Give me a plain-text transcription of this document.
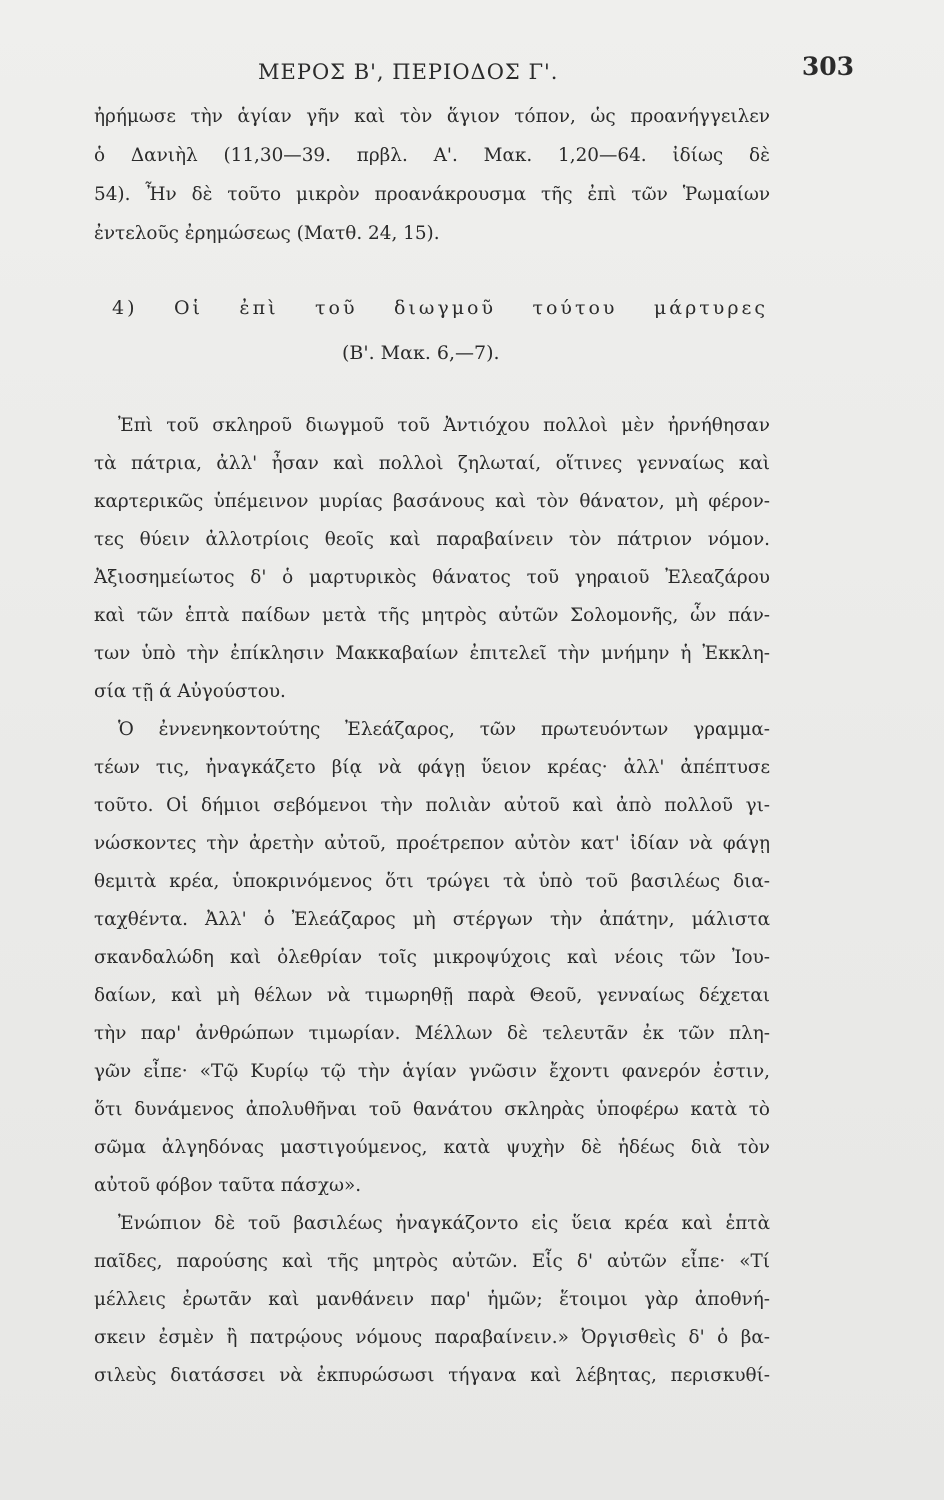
ΜΕΡΟΣ Β', ΠΕΡΙΟΔΟΣ Γ'.	303
ἠρήμωσε τὴν ἁγίαν γῆν καὶ τὸν ἅγιον τόπον, ὡς προανήγγειλεν
ὁ Δανιὴλ (11,30—39. πρβλ. Α'. Μακ. 1,20—64. ἰδίως δὲ
54). Ἦν δὲ τοῦτο μικρὸν προανάκρουσμα τῆς ἐπὶ τῶν Ῥωμαίων
ἐντελοῦς ἐρημώσεως (Ματθ. 24, 15).
4) Οἱ ἐπὶ τοῦ διωγμοῦ τούτου μάρτυρες
(Β'. Μακ. 6,—7).
Ἐπὶ τοῦ σκληροῦ διωγμοῦ τοῦ Ἀντιόχου πολλοὶ μὲν ἠρνήθησαν
τὰ πάτρια, ἀλλ' ἦσαν καὶ πολλοὶ ζηλωταί, οἵτινες γενναίως καὶ
καρτερικῶς ὑπέμεινον μυρίας βασάνους καὶ τὸν θάνατον, μὴ φέρον-
τες θύειν ἀλλοτρίοις θεοῖς καὶ παραβαίνειν τὸν πάτριον νόμον.
Ἀξιοσημείωτος δ' ὁ μαρτυρικὸς θάνατος τοῦ γηραιοῦ Ἐλεαζάρου
καὶ τῶν ἑπτὰ παίδων μετὰ τῆς μητρὸς αὐτῶν Σολομονῆς, ὧν πάν-
των ὑπὸ τὴν ἐπίκλησιν Μακκαβαίων ἐπιτελεῖ τὴν μνήμην ἡ Ἐκκλη-
σία τῇ ά Αὐγούστου.
Ὁ ἐννενηκοντούτης Ἐλεάζαρος, τῶν πρωτευόντων γραμμα-
τέων τις, ἠναγκάζετο βίᾳ νὰ φάγῃ ὕειον κρέας· ἀλλ' ἀπέπτυσε
τοῦτο. Οἱ δήμιοι σεβόμενοι τὴν πολιὰν αὐτοῦ καὶ ἀπὸ πολλοῦ γι-
νώσκοντες τὴν ἀρετὴν αὐτοῦ, προέτρεπον αὐτὸν κατ' ἰδίαν νὰ φάγῃ
θεμιτὰ κρέα, ὑποκρινόμενος ὅτι τρώγει τὰ ὑπὸ τοῦ βασιλέως δια-
ταχθέντα. Ἀλλ' ὁ Ἐλεάζαρος μὴ στέργων τὴν ἀπάτην, μάλιστα
σκανδαλώδη καὶ ὀλεθρίαν τοῖς μικροψύχοις καὶ νέοις τῶν Ἰου-
δαίων, καὶ μὴ θέλων νὰ τιμωρηθῇ παρὰ Θεοῦ, γενναίως δέχεται
τὴν παρ' ἀνθρώπων τιμωρίαν. Μέλλων δὲ τελευτᾶν ἐκ τῶν πλη-
γῶν εἶπε· «Τῷ Κυρίῳ τῷ τὴν ἁγίαν γνῶσιν ἔχοντι φανερόν ἐστιν,
ὅτι δυνάμενος ἀπολυθῆναι τοῦ θανάτου σκληρὰς ὑποφέρω κατὰ τὸ
σῶμα ἀλγηδόνας μαστιγούμενος, κατὰ ψυχὴν δὲ ἡδέως διὰ τὸν
αὐτοῦ φόβον ταῦτα πάσχω».
Ἐνώπιον δὲ τοῦ βασιλέως ἠναγκάζοντο εἰς ὕεια κρέα καὶ ἑπτὰ
παῖδες, παρούσης καὶ τῆς μητρὸς αὐτῶν. Εἷς δ' αὐτῶν εἶπε· «Τί
μέλλεις ἐρωτᾶν καὶ μανθάνειν παρ' ἡμῶν; ἕτοιμοι γὰρ ἀποθνή-
σκειν ἐσμὲν ἢ πατρῴους νόμους παραβαίνειν.» Ὀργισθεὶς δ' ὁ βα-
σιλεὺς διατάσσει νὰ ἐκπυρώσωσι τήγανα καὶ λέβητας, περισκυθί-
